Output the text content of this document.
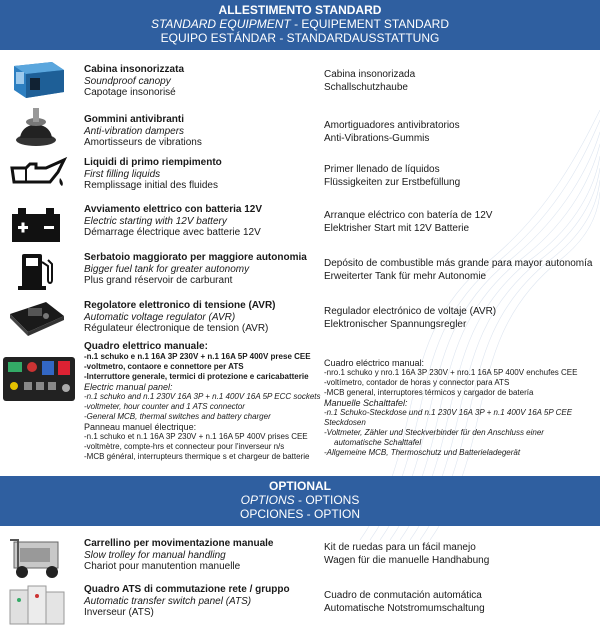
ALLESTIMENTO STANDARD
STANDARD EQUIPMENT - EQUIPEMENT STANDARD
EQUIPO ESTÁNDAR - STANDARDAUSSTATTUNG
Cabina insonorizzata
Soundproof canopy
Capotage insonorisé
Cabina insonorizada
Schallschutzhaube
Gommini antivibranti
Anti-vibration dampers
Amortisseurs de vibrations
Amortiguadores antivibratorios
Anti-Vibrations-Gummis
Liquidi di primo riempimento
First filling liquids
Remplissage initial des fluides
Primer llenado de líquidos
Flüssigkeiten zur Erstbefüllung
Avviamento elettrico con batteria 12V
Electric starting with 12V battery
Démarrage électrique avec batterie 12V
Arranque eléctrico con batería de 12V
Elektrisher Start mit 12V Batterie
Serbatoio maggiorato per maggiore autonomia
Bigger fuel tank for greater autonomy
Plus grand réservoir de carburant
Depósito de combustible más grande para mayor autonomía
Erweiterter Tank für mehr Autonomie
Regolatore elettronico di tensione (AVR)
Automatic voltage regulator (AVR)
Régulateur électronique de tension (AVR)
Regulador electrónico de voltaje (AVR)
Elektronischer Spannungsregler
Quadro elettrico manuale:
-n.1 schuko e n.1 16A 3P 230V + n.1 16A 5P 400V prese CEE
-voltmetro, contaore e connettore per ATS
-Interruttore generale, termici di protezione e caricabatterie
Electric manual panel:
-n.1 schuko and n.1 230V 16A 3P + n.1 400V 16A 5P ECC sockets
-voltmeter, hour counter and 1 ATS connector
-General MCB, thermal switches and battery charger
Panneau manuel électrique:
-n.1 schuko et n.1 16A 3P 230V + n.1 16A 5P 400V prises CEE
-voltmètre, compte-hrs et connecteur pour l'inverseur n/s
-MCB général, interrupteurs thermique s et chargeur de batterie
Cuadro eléctrico manual:
-nro.1 schuko y nro.1 16A 3P 230V + nro.1 16A 5P 400V enchufes CEE
-voltímetro, contador de horas y connector para ATS
-MCB general, interruptores térmicos y cargador de batería
Manuelle Schalttafel:
-n.1 Schuko-Steckdose und n.1 230V 16A 3P + n.1 400V 16A 5P CEE Steckdosen
-Voltmeter, Zähler und Steckverbinder für den Anschluss einer
automatische Schalttafel
-Allgemeine MCB, Thermoschutz und Batterieladegerät
OPTIONAL
OPTIONS - OPTIONS
OPCIONES - OPTION
Carrellino per movimentazione manuale
Slow trolley for manual handling
Chariot pour manutention manuelle
Kit de ruedas para un fácil manejo
Wagen für die manuelle Handhabung
Quadro ATS di commutazione rete / gruppo
Automatic transfer switch panel (ATS)
Inverseur (ATS)
Cuadro de conmutación automática
Automatische Notstromumschaltung
